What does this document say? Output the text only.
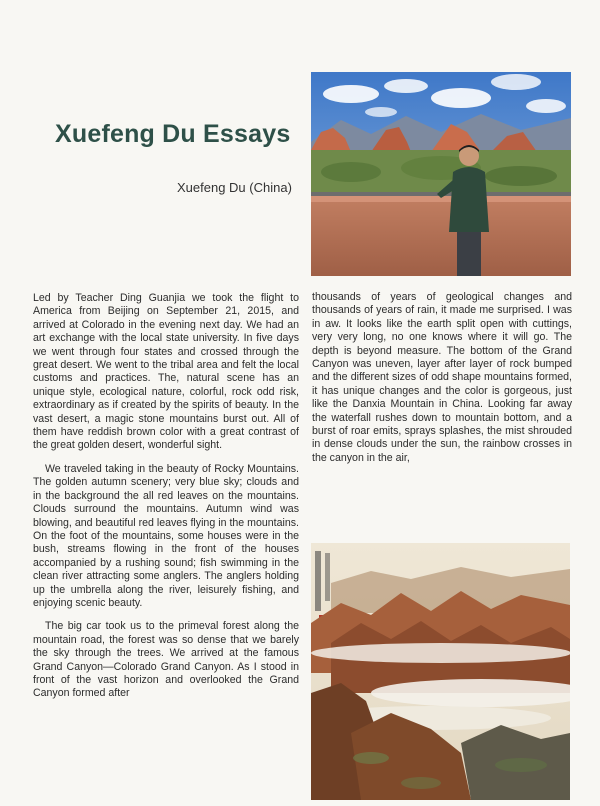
Xuefeng Du Essays
Xuefeng Du (China)

Led by Teacher Ding Guanjia we took the flight to America from Beijing on September 21, 2015, and arrived at Colorado in the evening next day. We had an art exchange with the local state university. In five days we went through four states and crossed through the great desert. We went to the tribal area and felt the local customs and practices. The, natural scene has an unique style, ecological nature, colorful, rock odd risk, extraordinary as if created by the spirits of beauty. In the vast desert, a magic stone mountains burst out. All of them have reddish brown color with a great contrast of the great golden desert, wonderful sight.

We traveled taking in the beauty of Rocky Mountains. The golden autumn scenery; very blue sky; clouds and in the background the all red leaves on the mountains. Clouds surround the mountains. Autumn wind was blowing, and beautiful red leaves flying in the mountains. On the foot of the mountains, some houses were in the bush, streams flowing in the front of the houses accompanied by a rushing sound; fish swimming in the clean river attracting some anglers. The anglers holding up the umbrella along the river, leisurely fishing, and enjoying scenic beauty.

The big car took us to the primeval forest along the mountain road, the forest was so dense that we barely the sky through the trees. We arrived at the famous Grand Canyon—Colorado Grand Canyon. As I stood in front of the vast horizon and overlooked the Grand Canyon formed after

thousands of years of geological changes and thousands of years of rain, it made me surprised. I was in aw. It looks like the earth split open with cuttings, very very long, no one knows where it will go. The depth is beyond measure. The bottom of the Grand Canyon was uneven, layer after layer of rock bumped and the different sizes of odd shape mountains formed, it has unique changes and the color is gorgeous, just like the Danxia Mountain in China. Looking far away the waterfall rushes down to mountain bottom, and a burst of roar emits, sprays splashes, the mist shrouded in dense clouds under the sun, the rainbow crosses in the canyon in the air,
